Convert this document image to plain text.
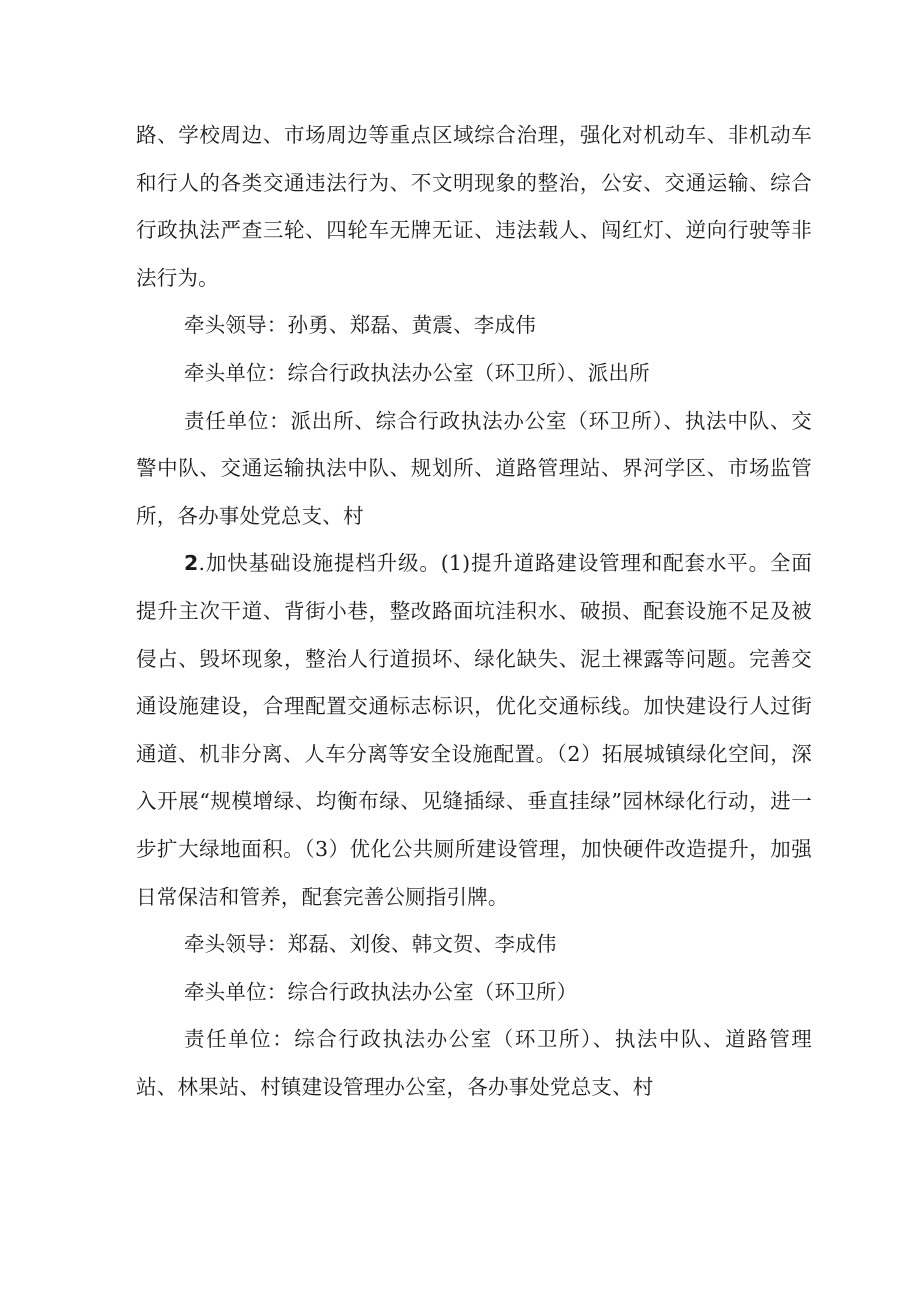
路、学校周边、市场周边等重点区域综合治理，强化对机动车、非机动车和行人的各类交通违法行为、不文明现象的整治，公安、交通运输、综合行政执法严查三轮、四轮车无牌无证、违法载人、闯红灯、逆向行驶等非法行为。

牵头领导：孙勇、郑磊、黄震、李成伟

牵头单位：综合行政执法办公室（环卫所）、派出所

责任单位：派出所、综合行政执法办公室（环卫所）、执法中队、交警中队、交通运输执法中队、规划所、道路管理站、界河学区、市场监管所，各办事处党总支、村

2.加快基础设施提档升级。(1)提升道路建设管理和配套水平。全面提升主次干道、背街小巷，整改路面坑洼积水、破损、配套设施不足及被侵占、毁坏现象，整治人行道损坏、绿化缺失、泥土裸露等问题。完善交通设施建设，合理配置交通标志标识，优化交通标线。加快建设行人过街通道、机非分离、人车分离等安全设施配置。（2）拓展城镇绿化空间，深入开展“规模增绿、均衡布绿、见缝插绿、垂直挂绿”园林绿化行动，进一步扩大绿地面积。（3）优化公共厕所建设管理，加快硬件改造提升，加强日常保洁和管养，配套完善公厕指引牌。

牵头领导：郑磊、刘俊、韩文贺、李成伟

牵头单位：综合行政执法办公室（环卫所）

责任单位：综合行政执法办公室（环卫所）、执法中队、道路管理站、林果站、村镇建设管理办公室，各办事处党总支、村
